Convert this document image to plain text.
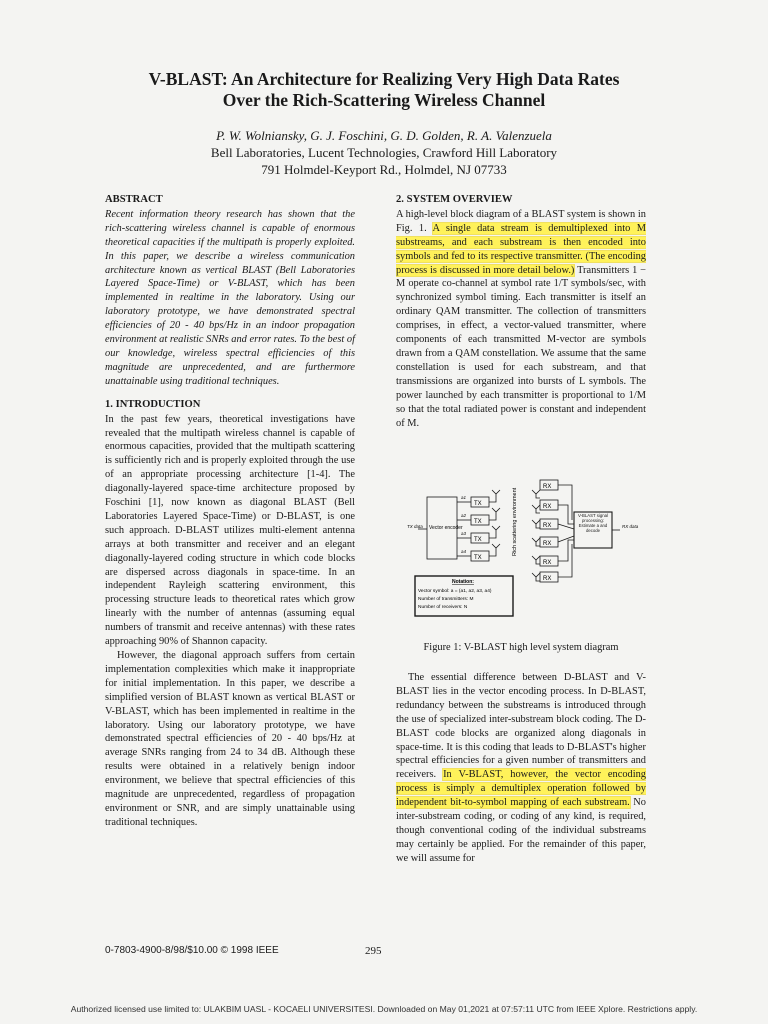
V-BLAST: An Architecture for Realizing Very High Data Rates
Over the Rich-Scattering Wireless Channel
P. W. Wolniansky, G. J. Foschini, G. D. Golden, R. A. Valenzuela
Bell Laboratories, Lucent Technologies, Crawford Hill Laboratory
791 Holmdel-Keyport Rd., Holmdel, NJ 07733
ABSTRACT

Recent information theory research has shown that the rich-scattering wireless channel is capable of enormous theoretical capacities if the multipath is properly exploited. In this paper, we describe a wireless communication architecture known as vertical BLAST (Bell Laboratories Layered Space-Time) or V-BLAST, which has been implemented in realtime in the laboratory. Using our laboratory prototype, we have demonstrated spectral efficiencies of 20 - 40 bps/Hz in an indoor propagation environment at realistic SNRs and error rates. To the best of our knowledge, wireless spectral efficiencies of this magnitude are unprecedented, and are furthermore unattainable using traditional techniques.

1. INTRODUCTION

In the past few years, theoretical investigations have revealed that the multipath wireless channel is capable of enormous capacities, provided that the multipath scattering is sufficiently rich and is properly exploited through the use of an appropriate processing architecture [1-4]. The diagonally-layered space-time architecture proposed by Foschini [1], now known as diagonal BLAST (Bell Laboratories Layered Space-Time) or D-BLAST, is one such approach. D-BLAST utilizes multi-element antenna arrays at both transmitter and receiver and an elegant diagonally-layered coding structure in which code blocks are dispersed across diagonals in space-time. In an independent Rayleigh scattering environment, this processing structure leads to theoretical rates which grow linearly with the number of antennas (assuming equal numbers of transmit and receive antennas) with these rates approaching 90% of Shannon capacity.

However, the diagonal approach suffers from certain implementation complexities which make it inappropriate for initial implementation. In this paper, we describe a simplified version of BLAST known as vertical BLAST or V-BLAST, which has been implemented in realtime in the laboratory. Using our laboratory prototype, we have demonstrated spectral efficiencies of 20 - 40 bps/Hz at average SNRs ranging from 24 to 34 dB. Although these results were obtained in a relatively benign indoor environment, we believe that spectral efficiencies of this magnitude are unprecedented, regardless of propagation environment or SNR, and are simply unattainable using traditional techniques.

2. SYSTEM OVERVIEW

A high-level block diagram of a BLAST system is shown in Fig. 1. A single data stream is demultiplexed into M substreams, and each substream is then encoded into symbols and fed to its respective transmitter. (The encoding process is discussed in more detail below.) Transmitters 1 − M operate co-channel at symbol rate 1/T symbols/sec, with synchronized symbol timing. Each transmitter is itself an ordinary QAM transmitter. The collection of transmitters comprises, in effect, a vector-valued transmitter, where components of each transmitted M-vector are symbols drawn from a QAM constellation. We assume that the same constellation is used for each substream, and that transmissions are organized into bursts of L symbols. The power launched by each transmitter is proportional to 1/M so that the total radiated power is constant and independent of M.

TX data Vector encoder
a1
a2
a3
a4
TX
TX
TX
TX
Rich scattering environment
RX
RX
RX
RX
RX
RX
V-BLAST signal processing: Estimate a and decode
RX data
Notation:
Vector symbol: a = (a1, a2, a3, a4)
Number of transmitters: M
Number of receivers: N
Figure 1: V-BLAST high level system diagram

The essential difference between D-BLAST and V-BLAST lies in the vector encoding process. In D-BLAST, redundancy between the substreams is introduced through the use of specialized inter-substream block coding. The D-BLAST code blocks are organized along diagonals in space-time. It is this coding that leads to D-BLAST's higher spectral efficiencies for a given number of transmitters and receivers. In V-BLAST, however, the vector encoding process is simply a demultiplex operation followed by independent bit-to-symbol mapping of each substream. No inter-substream coding, or coding of any kind, is required, though conventional coding of the individual substreams may certainly be applied. For the remainder of this paper, we will assume for

0-7803-4900-8/98/$10.00 © 1998 IEEE	295
Authorized licensed use limited to: ULAKBIM UASL - KOCAELI UNIVERSITESI. Downloaded on May 01,2021 at 07:57:11 UTC from IEEE Xplore. Restrictions apply.
